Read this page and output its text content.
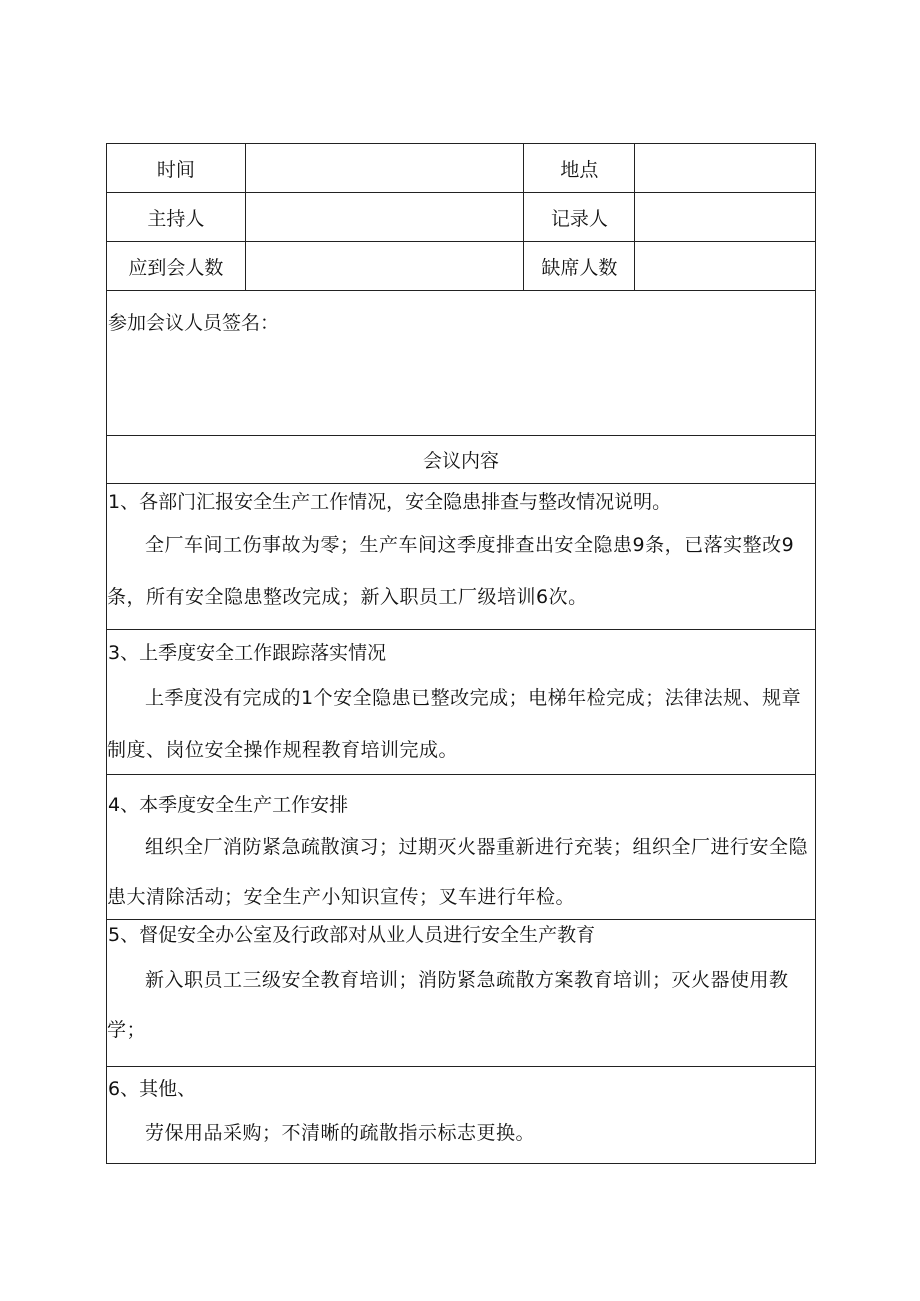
时间	地点
主持人	记录人
应到会人数	缺席人数
参加会议人员签名：
会议内容
1、各部门汇报安全生产工作情况，安全隐患排查与整改情况说明。
全厂车间工伤事故为零；生产车间这季度排查出安全隐患9条，已落实整改9条，所有安全隐患整改完成；新入职员工厂级培训6次。
3、上季度安全工作跟踪落实情况
上季度没有完成的1个安全隐患已整改完成；电梯年检完成；法律法规、规章制度、岗位安全操作规程教育培训完成。
4、本季度安全生产工作安排
组织全厂消防紧急疏散演习；过期灭火器重新进行充装；组织全厂进行安全隐患大清除活动；安全生产小知识宣传；叉车进行年检。
5、督促安全办公室及行政部对从业人员进行安全生产教育
新入职员工三级安全教育培训；消防紧急疏散方案教育培训；灭火器使用教学；
6、其他、
劳保用品采购；不清晰的疏散指示标志更换。
